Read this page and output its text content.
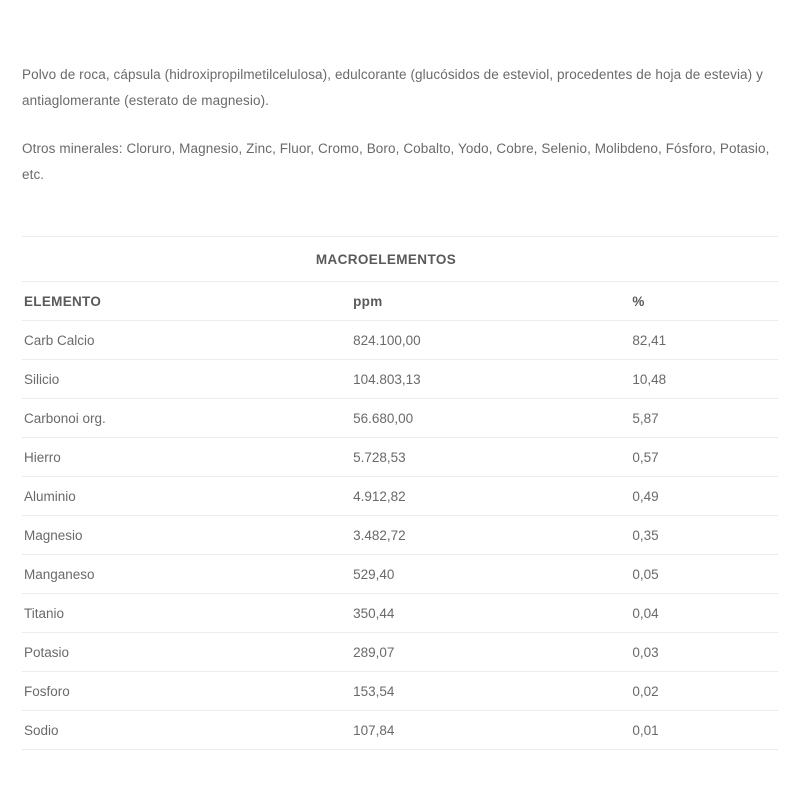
Polvo de roca, cápsula (hidroxipropilmetilcelulosa), edulcorante (glucósidos de esteviol, procedentes de hoja de estevia) y antiaglomerante (esterato de magnesio).

Otros minerales: Cloruro, Magnesio, Zinc, Fluor, Cromo, Boro, Cobalto, Yodo, Cobre, Selenio, Molibdeno, Fósforo, Potasio, etc.

MACROELEMENTOS		
ELEMENTO	ppm	%
Carb Calcio	824.100,00	82,41
Silicio	104.803,13	10,48
Carbonoi org.	56.680,00	5,87
Hierro	5.728,53	0,57
Aluminio	4.912,82	0,49
Magnesio	3.482,72	0,35
Manganeso	529,40	0,05
Titanio	350,44	0,04
Potasio	289,07	0,03
Fosforo	153,54	0,02
Sodio	107,84	0,01
